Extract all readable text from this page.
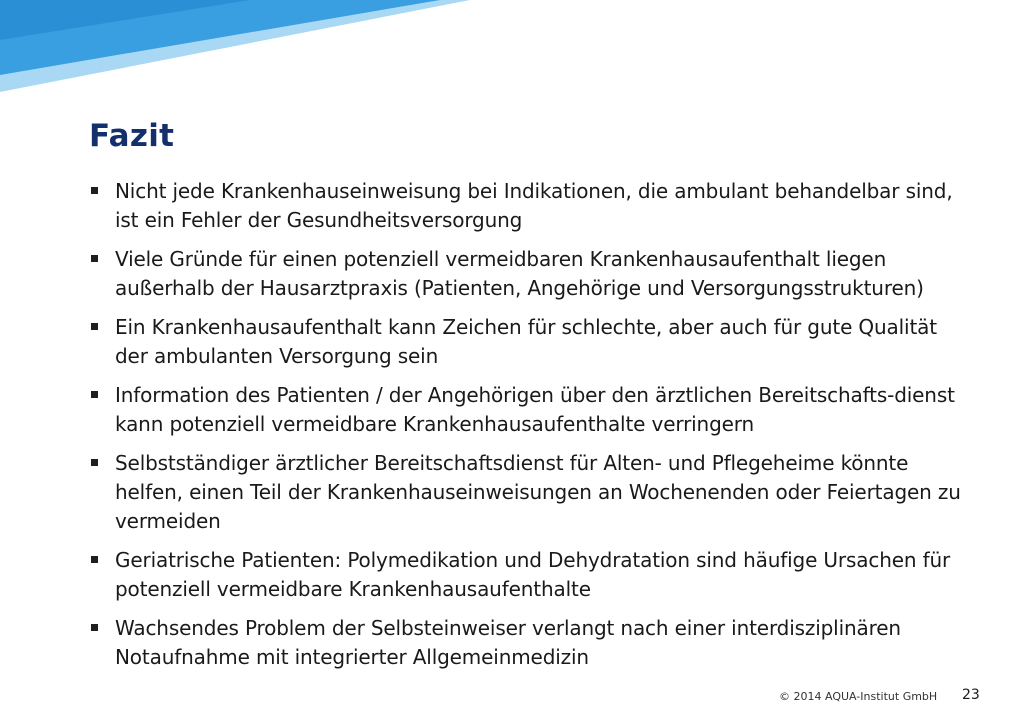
Fazit
Nicht jede Krankenhauseinweisung bei Indikationen, die ambulant behandelbar sind, ist ein Fehler der Gesundheitsversorgung
Viele Gründe für einen potenziell vermeidbaren Krankenhausaufenthalt liegen außerhalb der Hausarztpraxis (Patienten, Angehörige und Versorgungsstrukturen)
Ein Krankenhausaufenthalt kann Zeichen für schlechte, aber auch für gute Qualität der ambulanten Versorgung sein
Information des Patienten / der Angehörigen über den ärztlichen Bereitschafts-dienst kann potenziell vermeidbare Krankenhausaufenthalte verringern
Selbstständiger ärztlicher Bereitschaftsdienst für Alten- und Pflegeheime könnte helfen, einen Teil der Krankenhauseinweisungen an Wochenenden oder Feiertagen zu vermeiden
Geriatrische Patienten: Polymedikation und Dehydratation sind häufige Ursachen für potenziell vermeidbare Krankenhausaufenthalte
Wachsendes Problem der Selbsteinweiser verlangt nach einer interdisziplinären Notaufnahme mit integrierter Allgemeinmedizin
© 2014 AQUA-Institut GmbH 23
